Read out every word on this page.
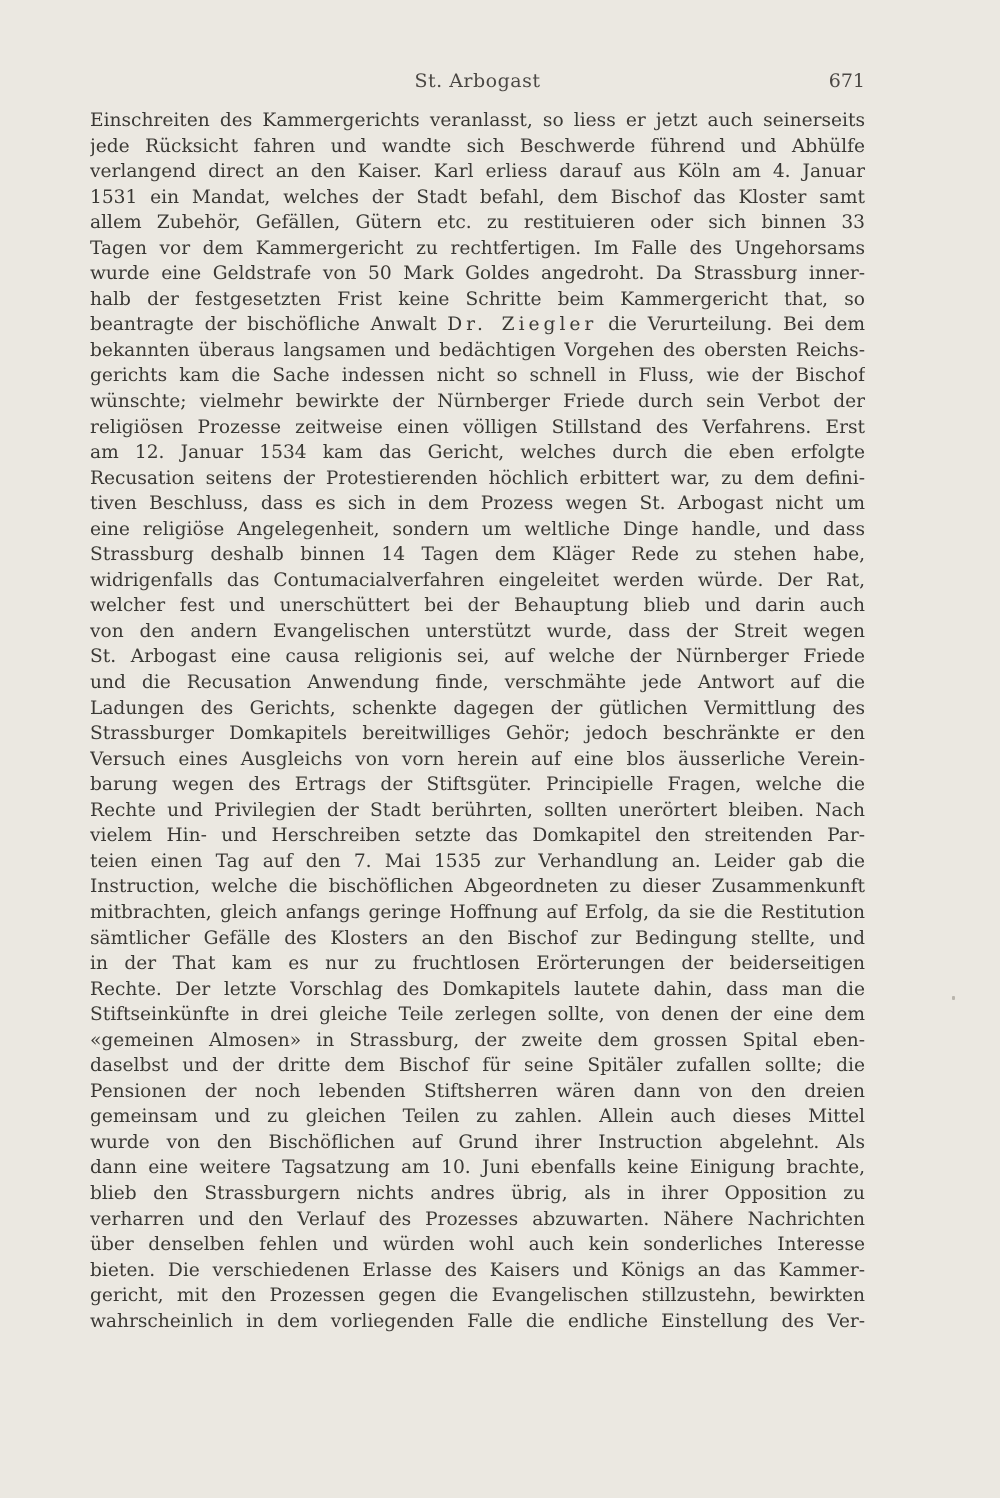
St. Arbogast	671
Einschreiten des Kammergerichts veranlasst, so liess er jetzt auch seinerseits
jede Rücksicht fahren und wandte sich Beschwerde führend und Abhülfe
verlangend direct an den Kaiser. Karl erliess darauf aus Köln am 4. Januar
1531 ein Mandat, welches der Stadt befahl, dem Bischof das Kloster samt
allem Zubehör, Gefällen, Gütern etc. zu restituieren oder sich binnen 33
Tagen vor dem Kammergericht zu rechtfertigen. Im Falle des Ungehorsams
wurde eine Geldstrafe von 50 Mark Goldes angedroht. Da Strassburg inner-
halb der festgesetzten Frist keine Schritte beim Kammergericht that, so
beantragte der bischöfliche Anwalt Dr. Ziegler die Verurteilung. Bei dem
bekannten überaus langsamen und bedächtigen Vorgehen des obersten Reichs-
gerichts kam die Sache indessen nicht so schnell in Fluss, wie der Bischof
wünschte; vielmehr bewirkte der Nürnberger Friede durch sein Verbot der
religiösen Prozesse zeitweise einen völligen Stillstand des Verfahrens. Erst
am 12. Januar 1534 kam das Gericht, welches durch die eben erfolgte
Recusation seitens der Protestierenden höchlich erbittert war, zu dem defini-
tiven Beschluss, dass es sich in dem Prozess wegen St. Arbogast nicht um
eine religiöse Angelegenheit, sondern um weltliche Dinge handle, und dass
Strassburg deshalb binnen 14 Tagen dem Kläger Rede zu stehen habe,
widrigenfalls das Contumacialverfahren eingeleitet werden würde. Der Rat,
welcher fest und unerschüttert bei der Behauptung blieb und darin auch
von den andern Evangelischen unterstützt wurde, dass der Streit wegen
St. Arbogast eine causa religionis sei, auf welche der Nürnberger Friede
und die Recusation Anwendung finde, verschmähte jede Antwort auf die
Ladungen des Gerichts, schenkte dagegen der gütlichen Vermittlung des
Strassburger Domkapitels bereitwilliges Gehör; jedoch beschränkte er den
Versuch eines Ausgleichs von vorn herein auf eine blos äusserliche Verein-
barung wegen des Ertrags der Stiftsgüter. Principielle Fragen, welche die
Rechte und Privilegien der Stadt berührten, sollten unerörtert bleiben. Nach
vielem Hin- und Herschreiben setzte das Domkapitel den streitenden Par-
teien einen Tag auf den 7. Mai 1535 zur Verhandlung an. Leider gab die
Instruction, welche die bischöflichen Abgeordneten zu dieser Zusammenkunft
mitbrachten, gleich anfangs geringe Hoffnung auf Erfolg, da sie die Restitution
sämtlicher Gefälle des Klosters an den Bischof zur Bedingung stellte, und
in der That kam es nur zu fruchtlosen Erörterungen der beiderseitigen
Rechte. Der letzte Vorschlag des Domkapitels lautete dahin, dass man die
Stiftseinkünfte in drei gleiche Teile zerlegen sollte, von denen der eine dem
«gemeinen Almosen» in Strassburg, der zweite dem grossen Spital eben-
daselbst und der dritte dem Bischof für seine Spitäler zufallen sollte; die
Pensionen der noch lebenden Stiftsherren wären dann von den dreien
gemeinsam und zu gleichen Teilen zu zahlen. Allein auch dieses Mittel
wurde von den Bischöflichen auf Grund ihrer Instruction abgelehnt. Als
dann eine weitere Tagsatzung am 10. Juni ebenfalls keine Einigung brachte,
blieb den Strassburgern nichts andres übrig, als in ihrer Opposition zu
verharren und den Verlauf des Prozesses abzuwarten. Nähere Nachrichten
über denselben fehlen und würden wohl auch kein sonderliches Interesse
bieten. Die verschiedenen Erlasse des Kaisers und Königs an das Kammer-
gericht, mit den Prozessen gegen die Evangelischen stillzustehn, bewirkten
wahrscheinlich in dem vorliegenden Falle die endliche Einstellung des Ver-
